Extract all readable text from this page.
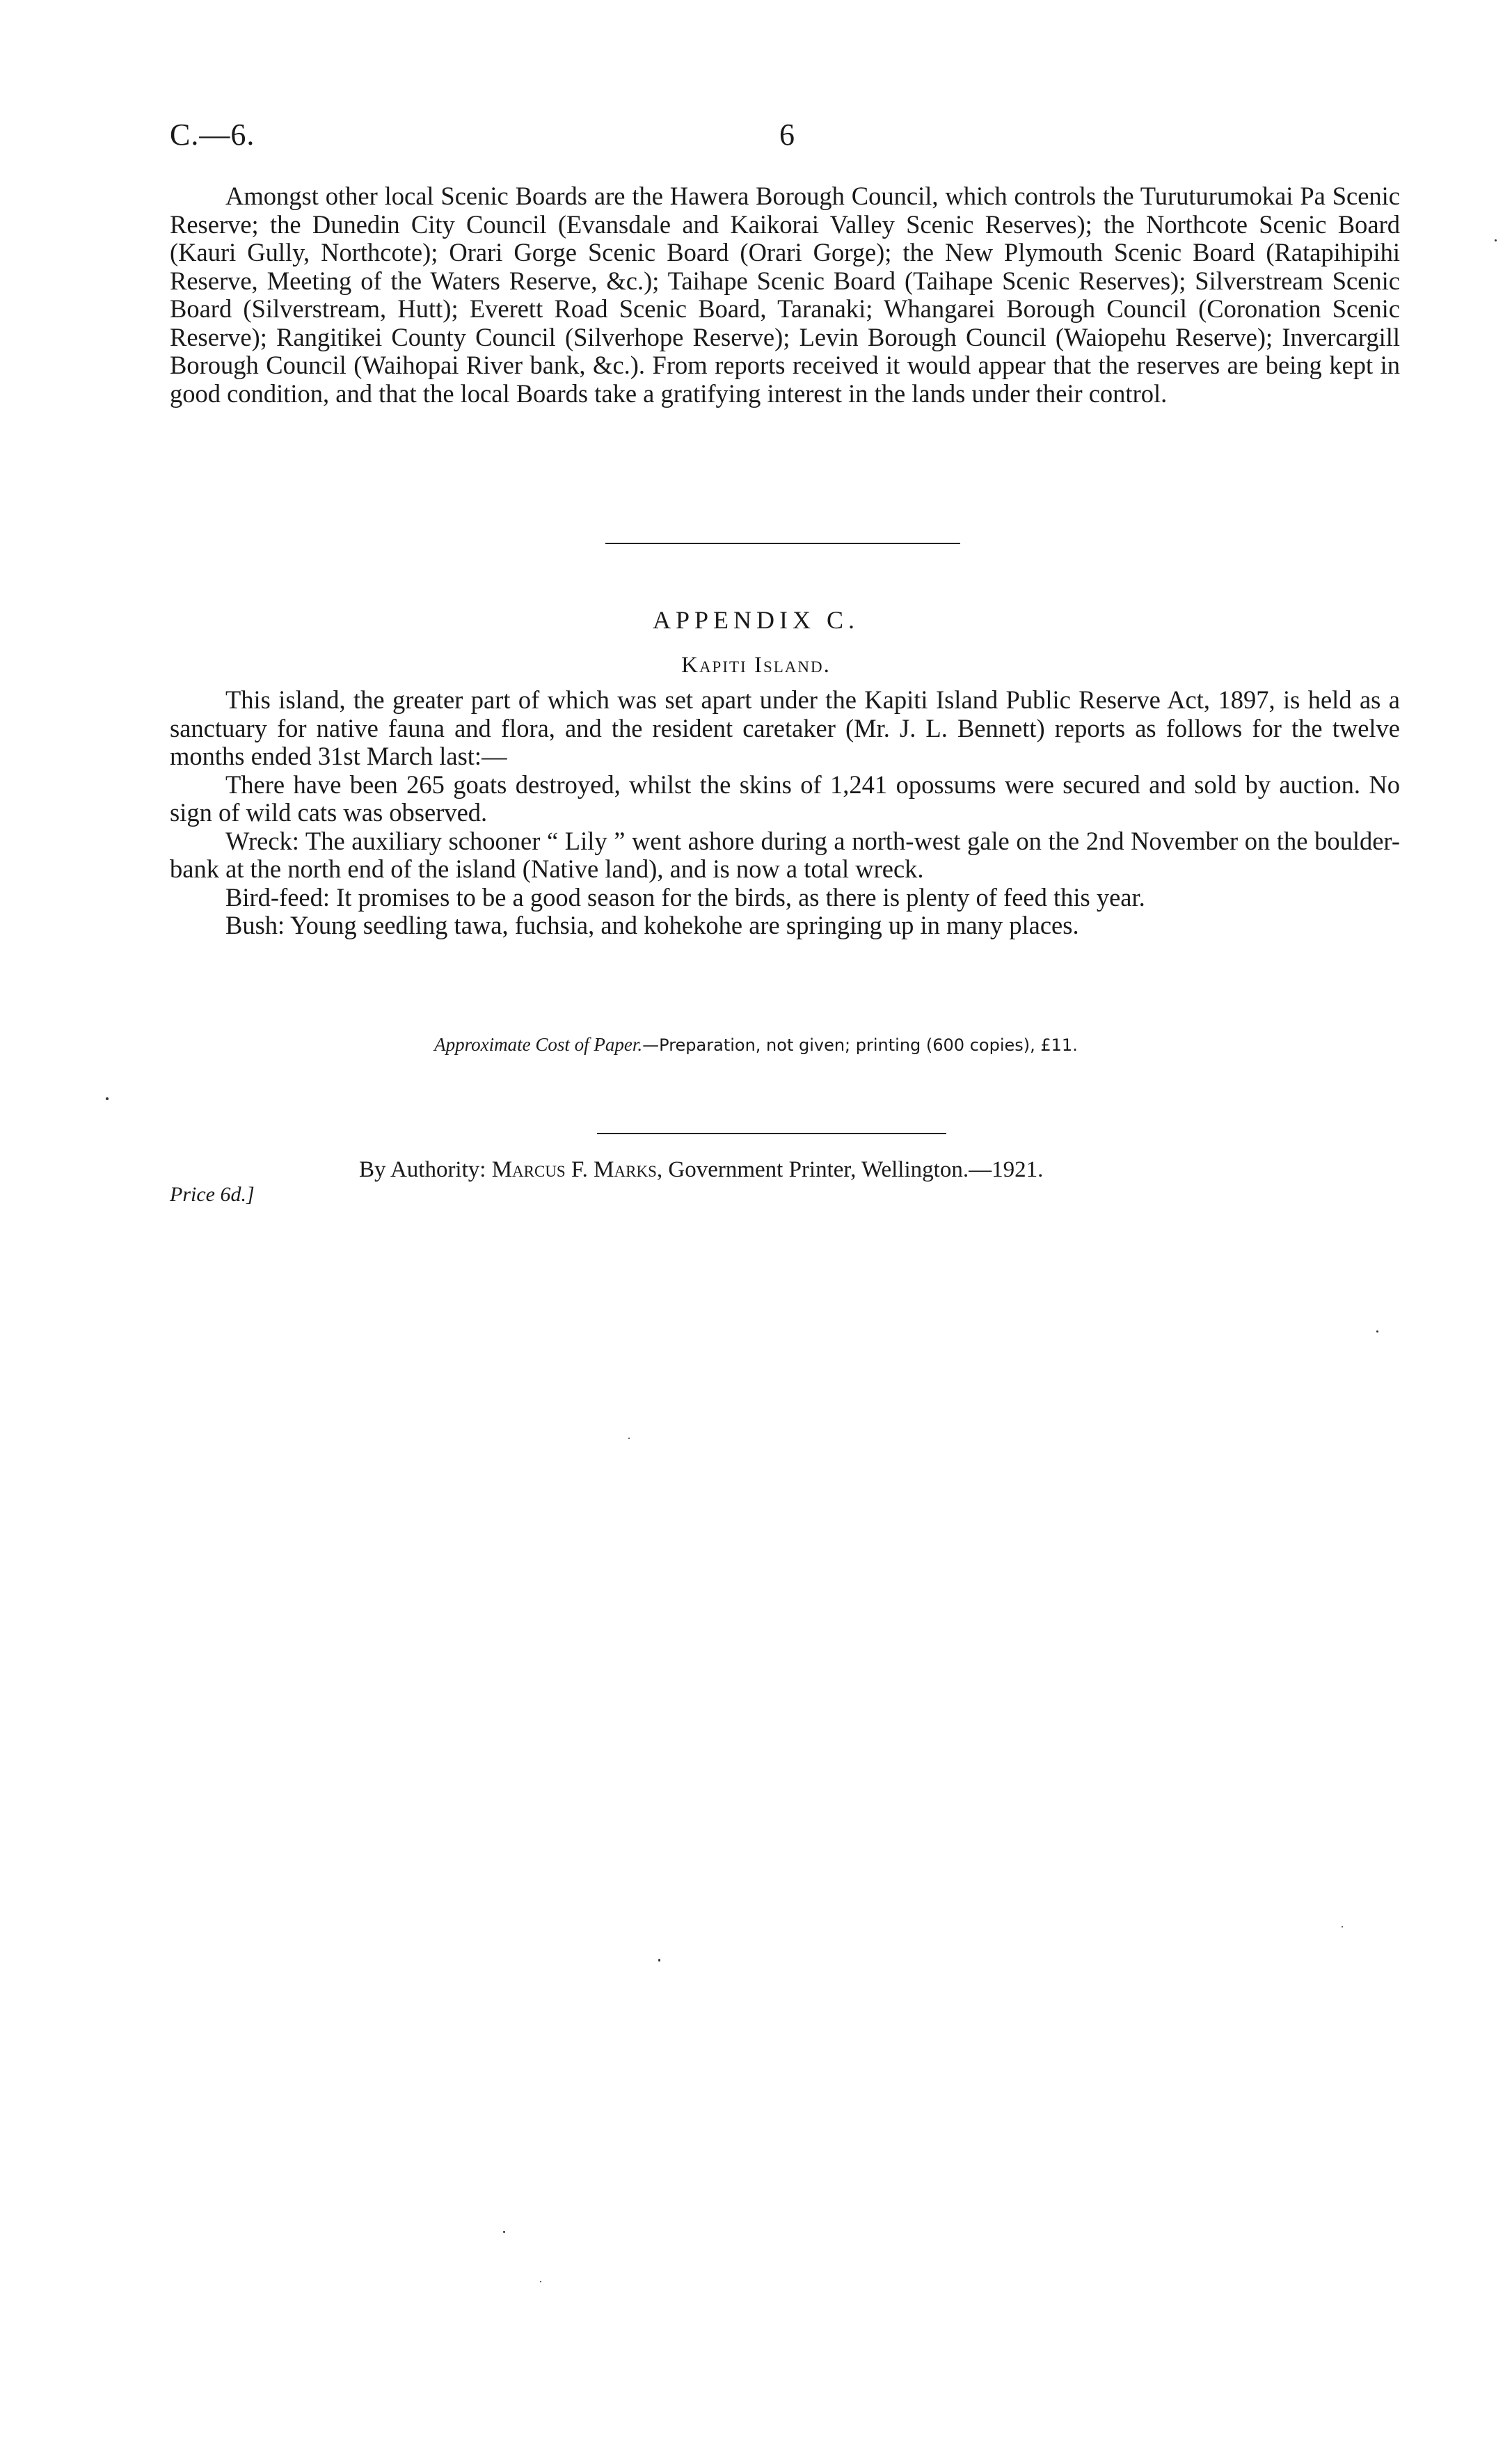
C.—6.	6

Amongst other local Scenic Boards are the Hawera Borough Council, which controls the Turuturumokai Pa Scenic Reserve; the Dunedin City Council (Evansdale and Kaikorai Valley Scenic Reserves); the Northcote Scenic Board (Kauri Gully, Northcote); Orari Gorge Scenic Board (Orari Gorge); the New Plymouth Scenic Board (Ratapihipihi Reserve, Meeting of the Waters Reserve, &c.); Taihape Scenic Board (Taihape Scenic Reserves); Silverstream Scenic Board (Silverstream, Hutt); Everett Road Scenic Board, Taranaki; Whangarei Borough Council (Coronation Scenic Reserve); Rangitikei County Council (Silverhope Reserve); Levin Borough Council (Waiopehu Reserve); Invercargill Borough Council (Waihopai River bank, &c.). From reports received it would appear that the reserves are being kept in good condition, and that the local Boards take a gratifying interest in the lands under their control.

APPENDIX C.
Kapiti Island.

This island, the greater part of which was set apart under the Kapiti Island Public Reserve Act, 1897, is held as a sanctuary for native fauna and flora, and the resident caretaker (Mr. J. L. Bennett) reports as follows for the twelve months ended 31st March last:—

There have been 265 goats destroyed, whilst the skins of 1,241 opossums were secured and sold by auction. No sign of wild cats was observed.

Wreck: The auxiliary schooner “ Lily ” went ashore during a north-west gale on the 2nd November on the boulder-bank at the north end of the island (Native land), and is now a total wreck.

Bird-feed: It promises to be a good season for the birds, as there is plenty of feed this year.

Bush: Young seedling tawa, fuchsia, and kohekohe are springing up in many places.

Approximate Cost of Paper.—Preparation, not given; printing (600 copies), £11.
By Authority: Marcus F. Marks, Government Printer, Wellington.—1921.
Price 6d.]
